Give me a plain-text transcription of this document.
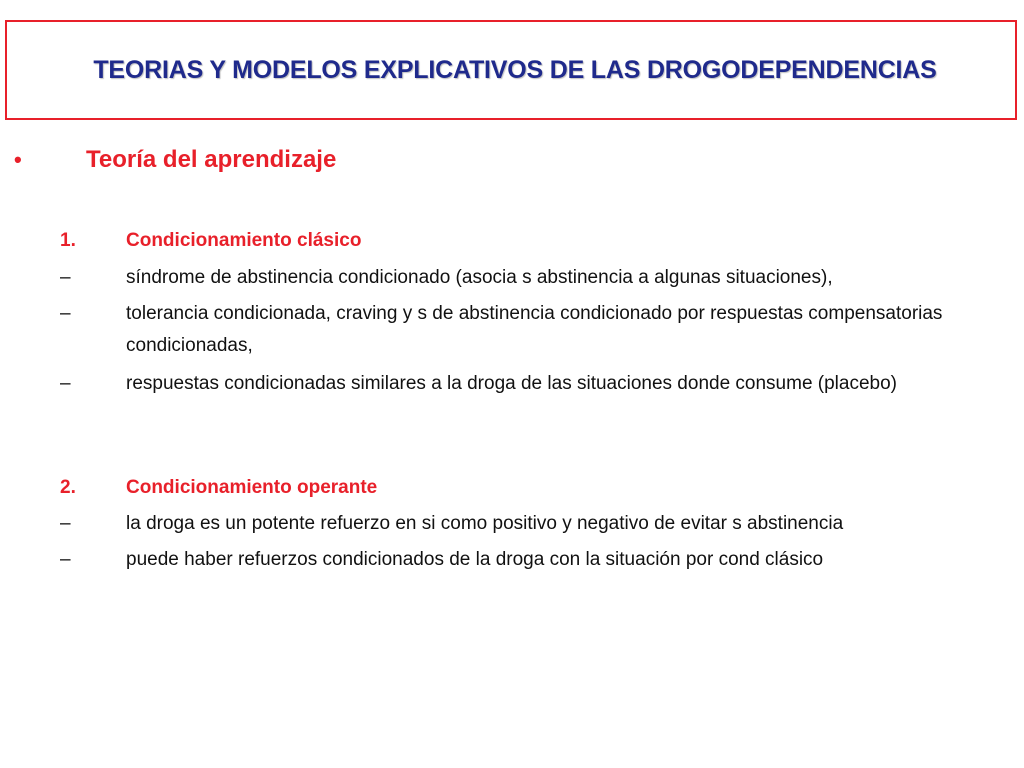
TEORIAS Y MODELOS EXPLICATIVOS DE LAS DROGODEPENDENCIAS
•	Teoría del aprendizaje
1.	Condicionamiento clásico
–	síndrome de abstinencia condicionado (asocia s abstinencia a algunas situaciones),
–	tolerancia condicionada, craving y s de abstinencia condicionado por respuestas compensatorias condicionadas,
–	respuestas condicionadas similares a la droga de las situaciones donde consume (placebo)
2.	Condicionamiento operante
–	la droga es un potente refuerzo en si como positivo y negativo de evitar s abstinencia
–	puede haber refuerzos condicionados de la droga con la situación por cond clásico
